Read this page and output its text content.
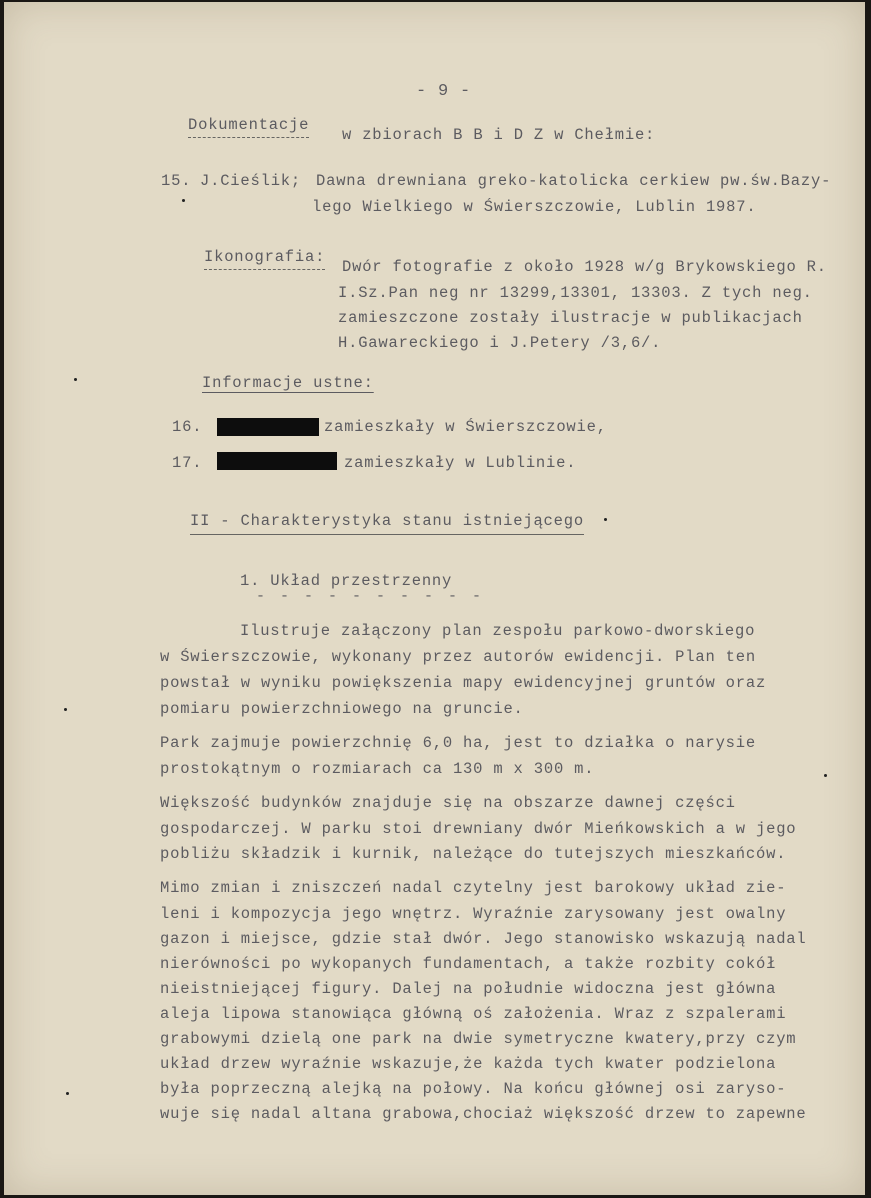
- 9 -
Dokumentacje
w zbiorach B B i D Z w Chełmie:
15. J.Cieślik; Dawna drewniana greko-katolicka cerkiew pw.św.Bazy-
lego Wielkiego w Świerszczowie, Lublin 1987.
Ikonografia:
Dwór fotografie z około 1928 w/g Brykowskiego R.
I.Sz.Pan neg nr 13299,13301, 13303. Z tych neg.
zamieszczone zostały ilustracje w publikacjach
H.Gawareckiego i J.Petery /3,6/.
Informacje ustne:
16.	zamieszkały w Świerszczowie,
17.	zamieszkały w Lublinie.
II - Charakterystyka stanu istniejącego
1. Układ przestrzenny
- - - - - - - - - -
Ilustruje załączony plan zespołu parkowo-dworskiego
w Świerszczowie, wykonany przez autorów ewidencji. Plan ten
powstał w wyniku powiększenia mapy ewidencyjnej gruntów oraz
pomiaru powierzchniowego na gruncie.
Park zajmuje powierzchnię 6,0 ha, jest to działka o narysie
prostokątnym o rozmiarach ca 130 m x 300 m.
Większość budynków znajduje się na obszarze dawnej części
gospodarczej. W parku stoi drewniany dwór Mieńkowskich a w jego
pobliżu składzik i kurnik, należące do tutejszych mieszkańców.
Mimo zmian i zniszczeń nadal czytelny jest barokowy układ zie-
leni i kompozycja jego wnętrz. Wyraźnie zarysowany jest owalny
gazon i miejsce, gdzie stał dwór. Jego stanowisko wskazują nadal
nierówności po wykopanych fundamentach, a także rozbity cokół
nieistniejącej figury. Dalej na południe widoczna jest główna
aleja lipowa stanowiąca główną oś założenia. Wraz z szpalerami
grabowymi dzielą one park na dwie symetryczne kwatery,przy czym
układ drzew wyraźnie wskazuje,że każda tych kwater podzielona
była poprzeczną alejką na połowy. Na końcu głównej osi zaryso-
wuje się nadal altana grabowa,chociaż większość drzew to zapewne
